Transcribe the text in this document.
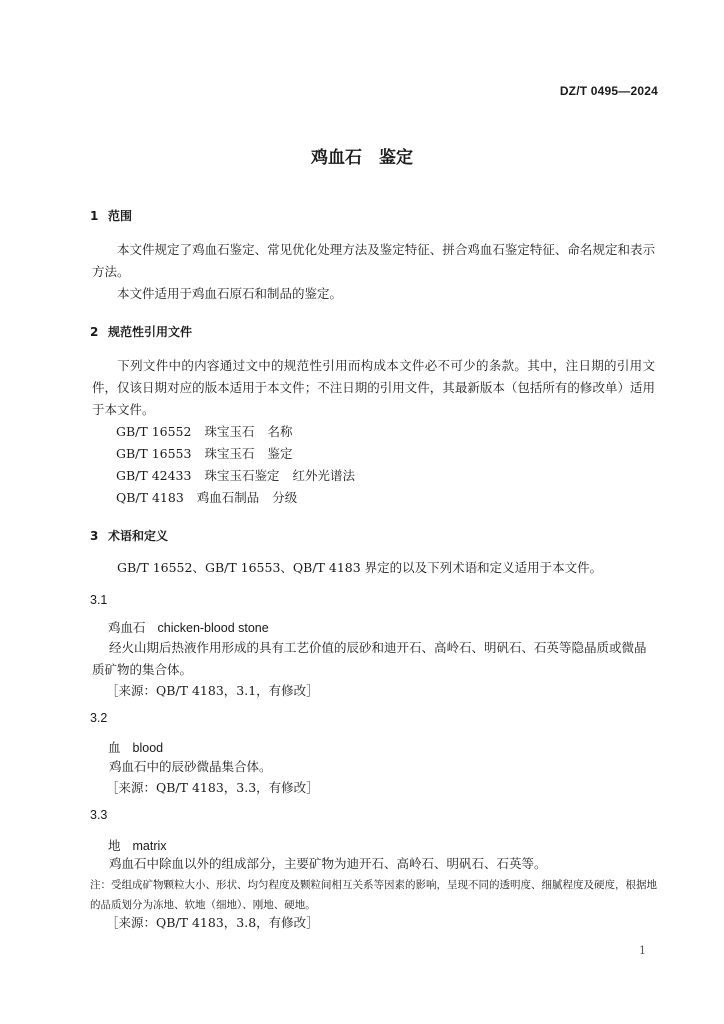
DZ/T 0495—2024
鸡血石　鉴定
1 范围
本文件规定了鸡血石鉴定、常见优化处理方法及鉴定特征、拼合鸡血石鉴定特征、命名规定和表示方法。
本文件适用于鸡血石原石和制品的鉴定。
2 规范性引用文件
下列文件中的内容通过文中的规范性引用而构成本文件必不可少的条款。其中，注日期的引用文件，仅该日期对应的版本适用于本文件；不注日期的引用文件，其最新版本（包括所有的修改单）适用于本文件。
GB/T 16552 珠宝玉石 名称
GB/T 16553 珠宝玉石 鉴定
GB/T 42433 珠宝玉石鉴定 红外光谱法
QB/T 4183 鸡血石制品 分级
3 术语和定义
GB/T 16552、GB/T 16553、QB/T 4183 界定的以及下列术语和定义适用于本文件。
3.1
鸡血石 chicken-blood stone
经火山期后热液作用形成的具有工艺价值的辰砂和迪开石、高岭石、明矾石、石英等隐晶质或微晶质矿物的集合体。
［来源：QB/T 4183，3.1，有修改］
3.2
血 blood
鸡血石中的辰砂微晶集合体。
［来源：QB/T 4183，3.3，有修改］
3.3
地 matrix
鸡血石中除血以外的组成部分，主要矿物为迪开石、高岭石、明矾石、石英等。
注：受组成矿物颗粒大小、形状、均匀程度及颗粒间相互关系等因素的影响，呈现不同的透明度、细腻程度及硬度，根据地的品质划分为冻地、软地（细地）、刚地、硬地。
［来源：QB/T 4183，3.8，有修改］
1
